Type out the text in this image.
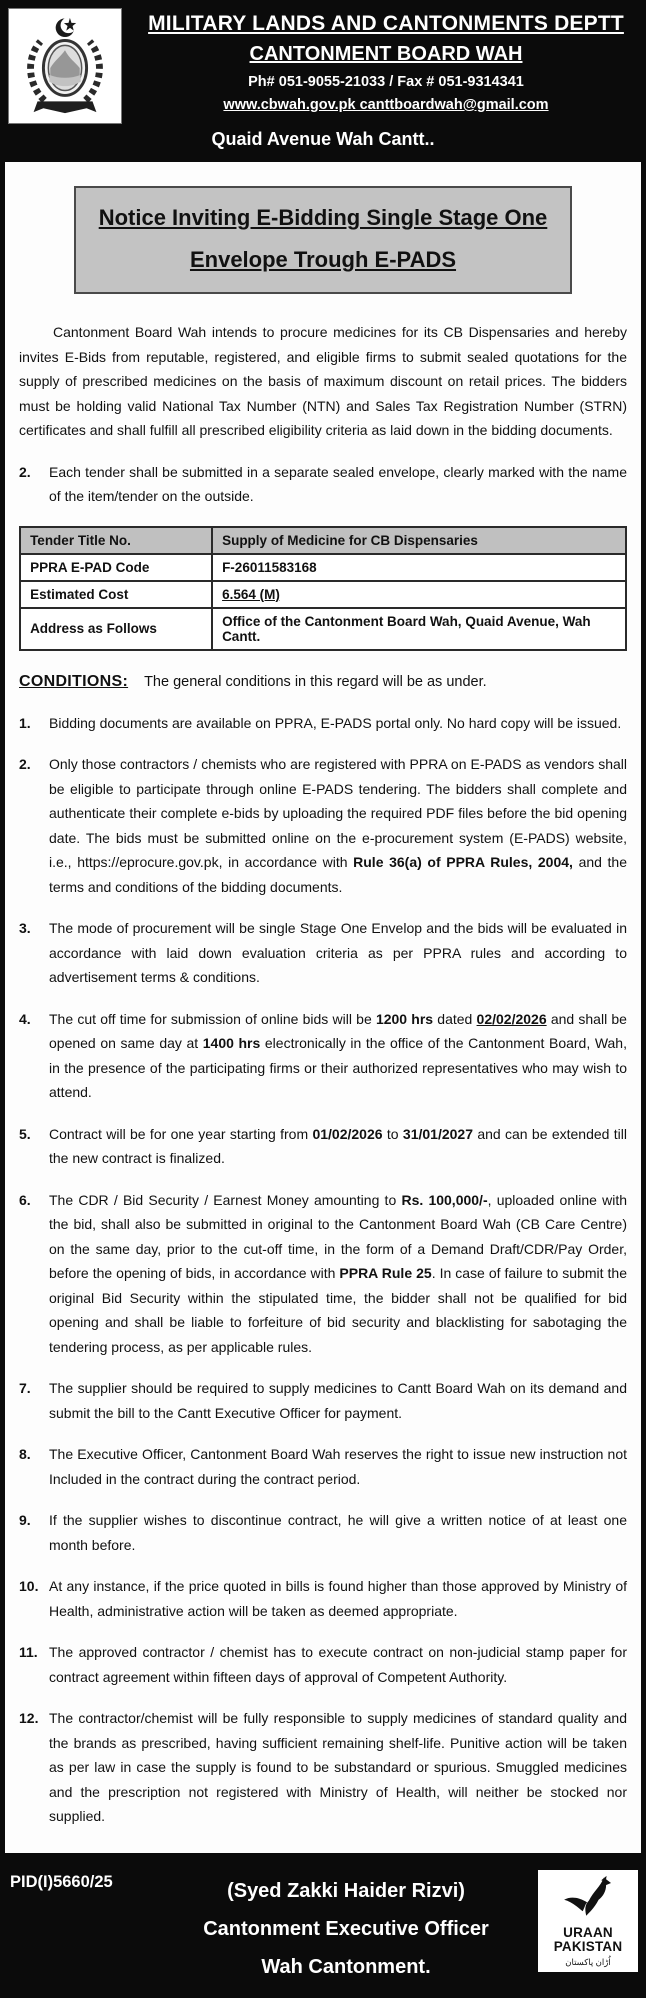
MILITARY LANDS AND CANTONMENTS DEPTT
CANTONMENT BOARD WAH
Ph# 051-9055-21033 / Fax # 051-9314341
www.cbwah.gov.pk canttboardwah@gmail.com
Quaid Avenue Wah Cantt..
Notice Inviting E-Bidding Single Stage One
Envelope Trough E-PADS

Cantonment Board Wah intends to procure medicines for its CB Dispensaries and hereby invites E-Bids from reputable, registered, and eligible firms to submit sealed quotations for the supply of prescribed medicines on the basis of maximum discount on retail prices. The bidders must be holding valid National Tax Number (NTN) and Sales Tax Registration Number (STRN) certificates and shall fulfill all prescribed eligibility criteria as laid down in the bidding documents.

2.	Each tender shall be submitted in a separate sealed envelope, clearly marked with the name of the item/tender on the outside.

Tender Title No.	Supply of Medicine for CB Dispensaries
PPRA E-PAD Code	F-26011583168
Estimated Cost	6.564 (M)
Address as Follows	Office of the Cantonment Board Wah, Quaid Avenue, Wah Cantt.
CONDITIONS: The general conditions in this regard will be as under.
1.	Bidding documents are available on PPRA, E-PADS portal only. No hard copy will be issued.

2.	Only those contractors / chemists who are registered with PPRA on E-PADS as vendors shall be eligible to participate through online E-PADS tendering. The bidders shall complete and authenticate their complete e-bids by uploading the required PDF files before the bid opening date. The bids must be submitted online on the e-procurement system (E-PADS) website, i.e., https://eprocure.gov.pk, in accordance with Rule 36(a) of PPRA Rules, 2004, and the terms and conditions of the bidding documents.

3.	The mode of procurement will be single Stage One Envelop and the bids will be evaluated in accordance with laid down evaluation criteria as per PPRA rules and according to advertisement terms & conditions.

4.	The cut off time for submission of online bids will be 1200 hrs dated 02/02/2026 and shall be opened on same day at 1400 hrs electronically in the office of the Cantonment Board, Wah, in the presence of the participating firms or their authorized representatives who may wish to attend.

5.	Contract will be for one year starting from 01/02/2026 to 31/01/2027 and can be extended till the new contract is finalized.

6.	The CDR / Bid Security / Earnest Money amounting to Rs. 100,000/-, uploaded online with the bid, shall also be submitted in original to the Cantonment Board Wah (CB Care Centre) on the same day, prior to the cut-off time, in the form of a Demand Draft/CDR/Pay Order, before the opening of bids, in accordance with PPRA Rule 25. In case of failure to submit the original Bid Security within the stipulated time, the bidder shall not be qualified for bid opening and shall be liable to forfeiture of bid security and blacklisting for sabotaging the tendering process, as per applicable rules.

7.	The supplier should be required to supply medicines to Cantt Board Wah on its demand and submit the bill to the Cantt Executive Officer for payment.

8.	The Executive Officer, Cantonment Board Wah reserves the right to issue new instruction not Included in the contract during the contract period.

9.	If the supplier wishes to discontinue contract, he will give a written notice of at least one month before.

10. At any instance, if the price quoted in bills is found higher than those approved by Ministry of Health, administrative action will be taken as deemed appropriate.

11. The approved contractor / chemist has to execute contract on non-judicial stamp paper for contract agreement within fifteen days of approval of Competent Authority.

12. The contractor/chemist will be fully responsible to supply medicines of standard quality and the brands as prescribed, having sufficient remaining shelf-life. Punitive action will be taken as per law in case the supply is found to be substandard or spurious. Smuggled medicines and the prescription not registered with Ministry of Health, will neither be stocked nor supplied.

PID(I)5660/25	(Syed Zakki Haider Rizvi)
Cantonment Executive Officer
Wah Cantonment.
URAAN
PAKISTAN
اُڑان پاکستان
